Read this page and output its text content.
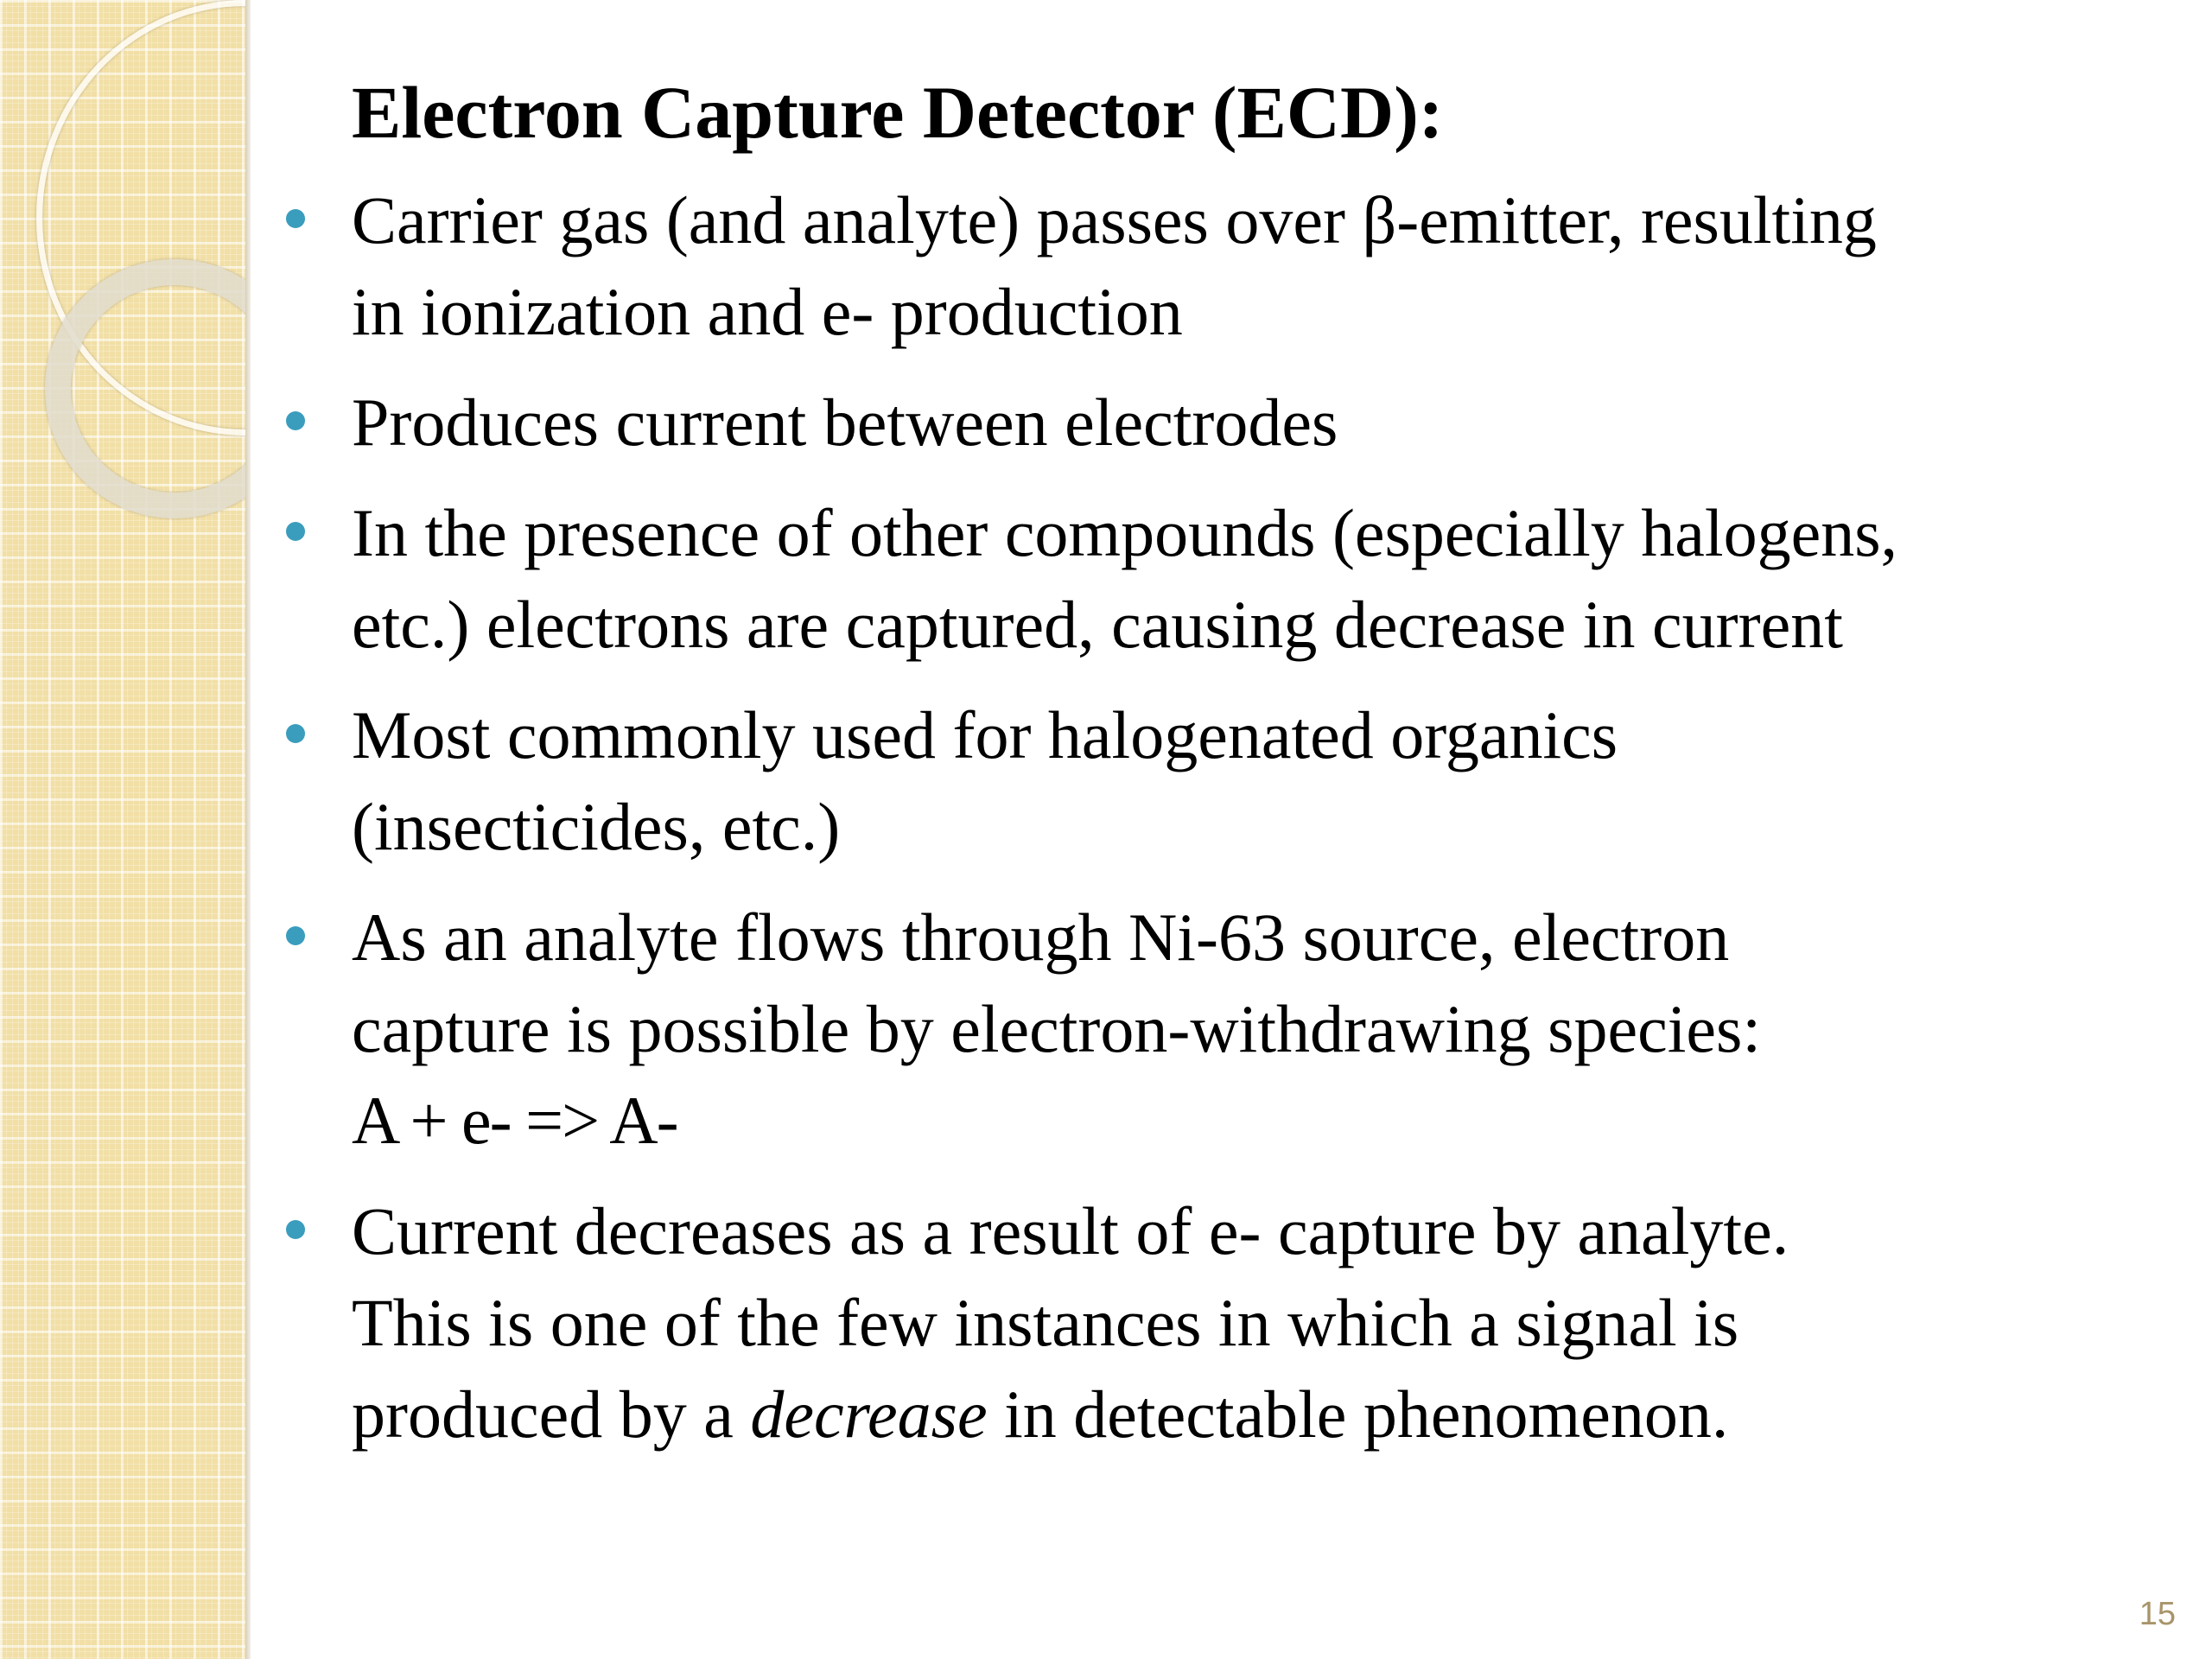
Electron Capture Detector (ECD):
Carrier gas (and analyte) passes over β-emitter, resulting
in ionization and e- production
Produces current between electrodes
In the presence of other compounds (especially halogens,
etc.) electrons are captured, causing decrease in current
Most commonly used for halogenated organics
(insecticides, etc.)
As an analyte flows through Ni-63 source, electron
capture is possible by electron-withdrawing species:
A + e- => A-
Current decreases as a result of e- capture by analyte.
This is one of the few instances in which a signal is
produced by a decrease in detectable phenomenon.
15
